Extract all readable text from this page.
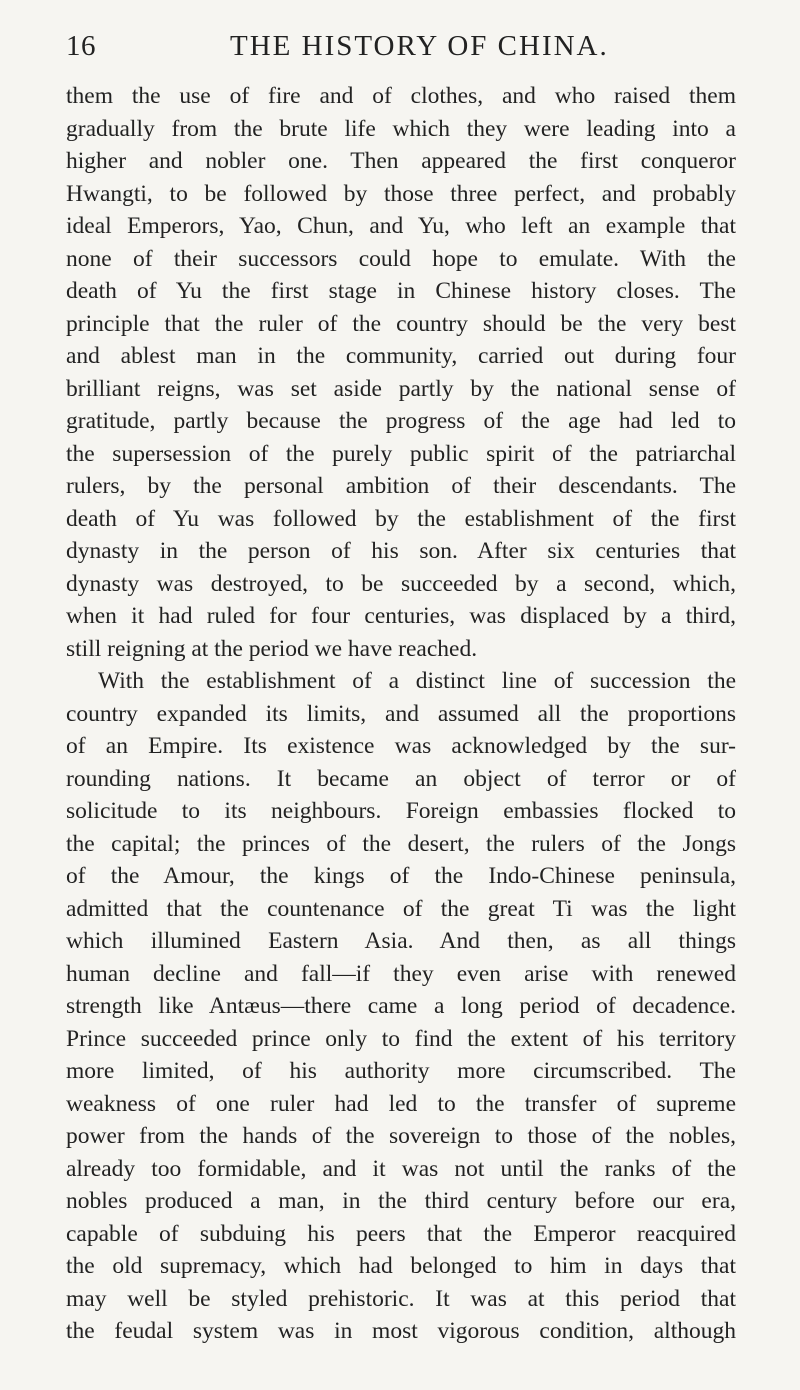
16	THE HISTORY OF CHINA.
them the use of fire and of clothes, and who raised them
gradually from the brute life which they were leading into a
higher and nobler one. Then appeared the first conqueror
Hwangti, to be followed by those three perfect, and probably
ideal Emperors, Yao, Chun, and Yu, who left an example that
none of their successors could hope to emulate. With the
death of Yu the first stage in Chinese history closes. The
principle that the ruler of the country should be the very best
and ablest man in the community, carried out during four
brilliant reigns, was set aside partly by the national sense of
gratitude, partly because the progress of the age had led to
the supersession of the purely public spirit of the patriarchal
rulers, by the personal ambition of their descendants. The
death of Yu was followed by the establishment of the first
dynasty in the person of his son. After six centuries that
dynasty was destroyed, to be succeeded by a second, which,
when it had ruled for four centuries, was displaced by a third,
still reigning at the period we have reached.
With the establishment of a distinct line of succession the
country expanded its limits, and assumed all the proportions
of an Empire. Its existence was acknowledged by the sur-
rounding nations. It became an object of terror or of
solicitude to its neighbours. Foreign embassies flocked to
the capital; the princes of the desert, the rulers of the Jongs
of the Amour, the kings of the Indo-Chinese peninsula,
admitted that the countenance of the great Ti was the light
which illumined Eastern Asia. And then, as all things
human decline and fall—if they even arise with renewed
strength like Antæus—there came a long period of decadence.
Prince succeeded prince only to find the extent of his territory
more limited, of his authority more circumscribed. The
weakness of one ruler had led to the transfer of supreme
power from the hands of the sovereign to those of the nobles,
already too formidable, and it was not until the ranks of the
nobles produced a man, in the third century before our era,
capable of subduing his peers that the Emperor reacquired
the old supremacy, which had belonged to him in days that
may well be styled prehistoric. It was at this period that
the feudal system was in most vigorous condition, although
